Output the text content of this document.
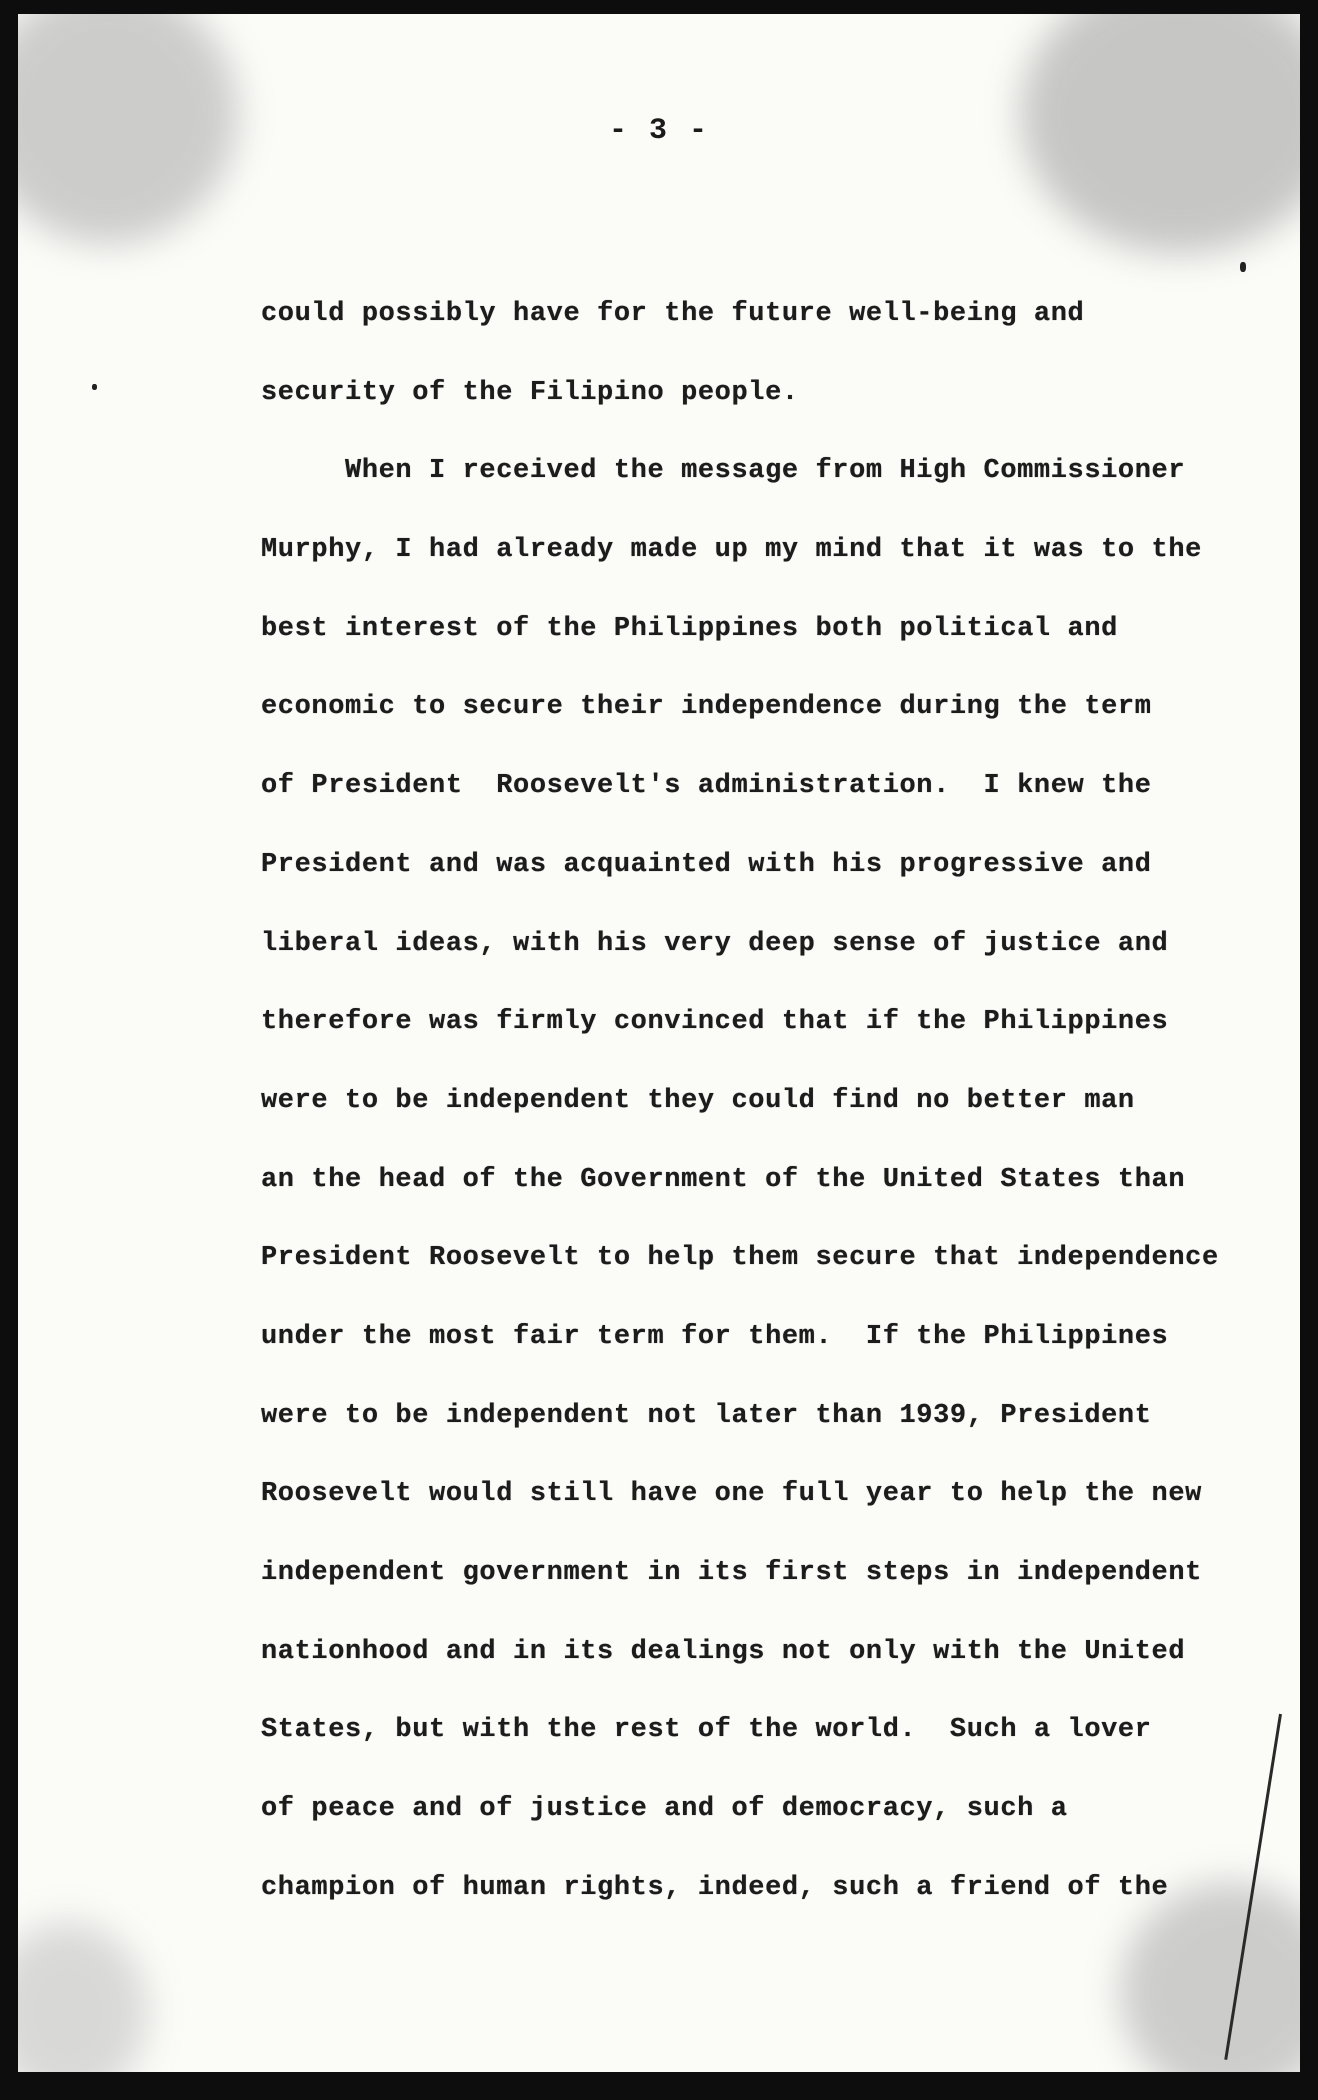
- 3 -
could possibly have for the future well-being and
security of the Filipino people.
When I received the message from High Commissioner
Murphy, I had already made up my mind that it was to the
best interest of the Philippines both political and
economic to secure their independence during the term
of President  Roosevelt's administration.  I knew the
President and was acquainted with his progressive and
liberal ideas, with his very deep sense of justice and
therefore was firmly convinced that if the Philippines
were to be independent they could find no better man
an the head of the Government of the United States than
President Roosevelt to help them secure that independence
under the most fair term for them.  If the Philippines
were to be independent not later than 1939, President
Roosevelt would still have one full year to help the new
independent government in its first steps in independent
nationhood and in its dealings not only with the United
States, but with the rest of the world.  Such a lover
of peace and of justice and of democracy, such a
champion of human rights, indeed, such a friend of the
